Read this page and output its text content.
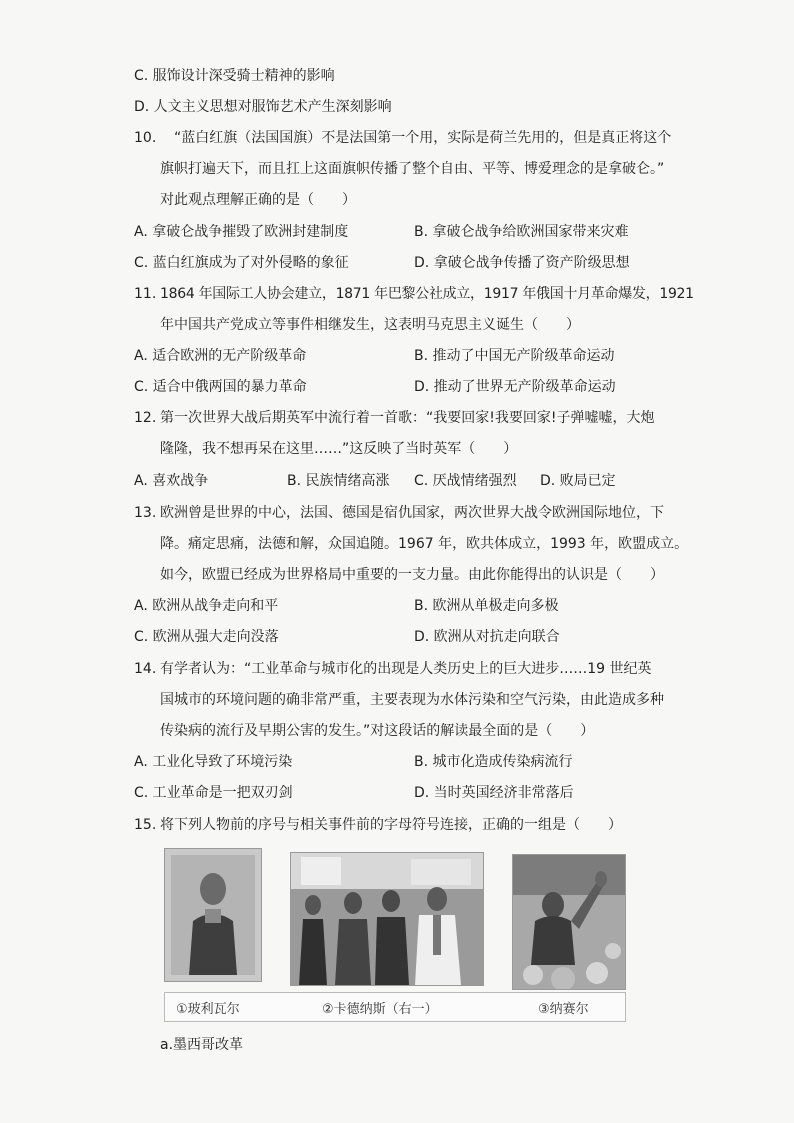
C. 服饰设计深受骑士精神的影响
D. 人文主义思想对服饰艺术产生深刻影响
10. “蓝白红旗（法国国旗）不是法国第一个用，实际是荷兰先用的，但是真正将这个
旗帜打遍天下，而且扛上这面旗帜传播了整个自由、平等、博爱理念的是拿破仑。”
对此观点理解正确的是（　　）
A. 拿破仑战争摧毁了欧洲封建制度	B. 拿破仑战争给欧洲国家带来灾难
C. 蓝白红旗成为了对外侵略的象征	D. 拿破仑战争传播了资产阶级思想
11. 1864 年国际工人协会建立，1871 年巴黎公社成立，1917 年俄国十月革命爆发，1921
年中国共产党成立等事件相继发生，这表明马克思主义诞生（　　）
A. 适合欧洲的无产阶级革命	B. 推动了中国无产阶级革命运动
C. 适合中俄两国的暴力革命	D. 推动了世界无产阶级革命运动
12. 第一次世界大战后期英军中流行着一首歌：“我要回家!我要回家!子弹嘘嘘，大炮
隆隆，我不想再呆在这里……”这反映了当时英军（　　）
A. 喜欢战争	B. 民族情绪高涨 C. 厌战情绪强烈 D. 败局已定
13. 欧洲曾是世界的中心，法国、德国是宿仇国家，两次世界大战令欧洲国际地位，下
降。痛定思痛，法德和解，众国追随。1967 年，欧共体成立，1993 年，欧盟成立。
如今，欧盟已经成为世界格局中重要的一支力量。由此你能得出的认识是（　　）
A. 欧洲从战争走向和平	B. 欧洲从单极走向多极
C. 欧洲从强大走向没落	D. 欧洲从对抗走向联合
14. 有学者认为：“工业革命与城市化的出现是人类历史上的巨大进步……19 世纪英
国城市的环境问题的确非常严重，主要表现为水体污染和空气污染，由此造成多种
传染病的流行及早期公害的发生。”对这段话的解读最全面的是（　　）
A. 工业化导致了环境污染	B. 城市化造成传染病流行
C. 工业革命是一把双刃剑	D. 当时英国经济非常落后
15. 将下列人物前的序号与相关事件前的字母符号连接，正确的一组是（　　）
①玻利瓦尔	②卡德纳斯（右一）	③纳赛尔
a.墨西哥改革
